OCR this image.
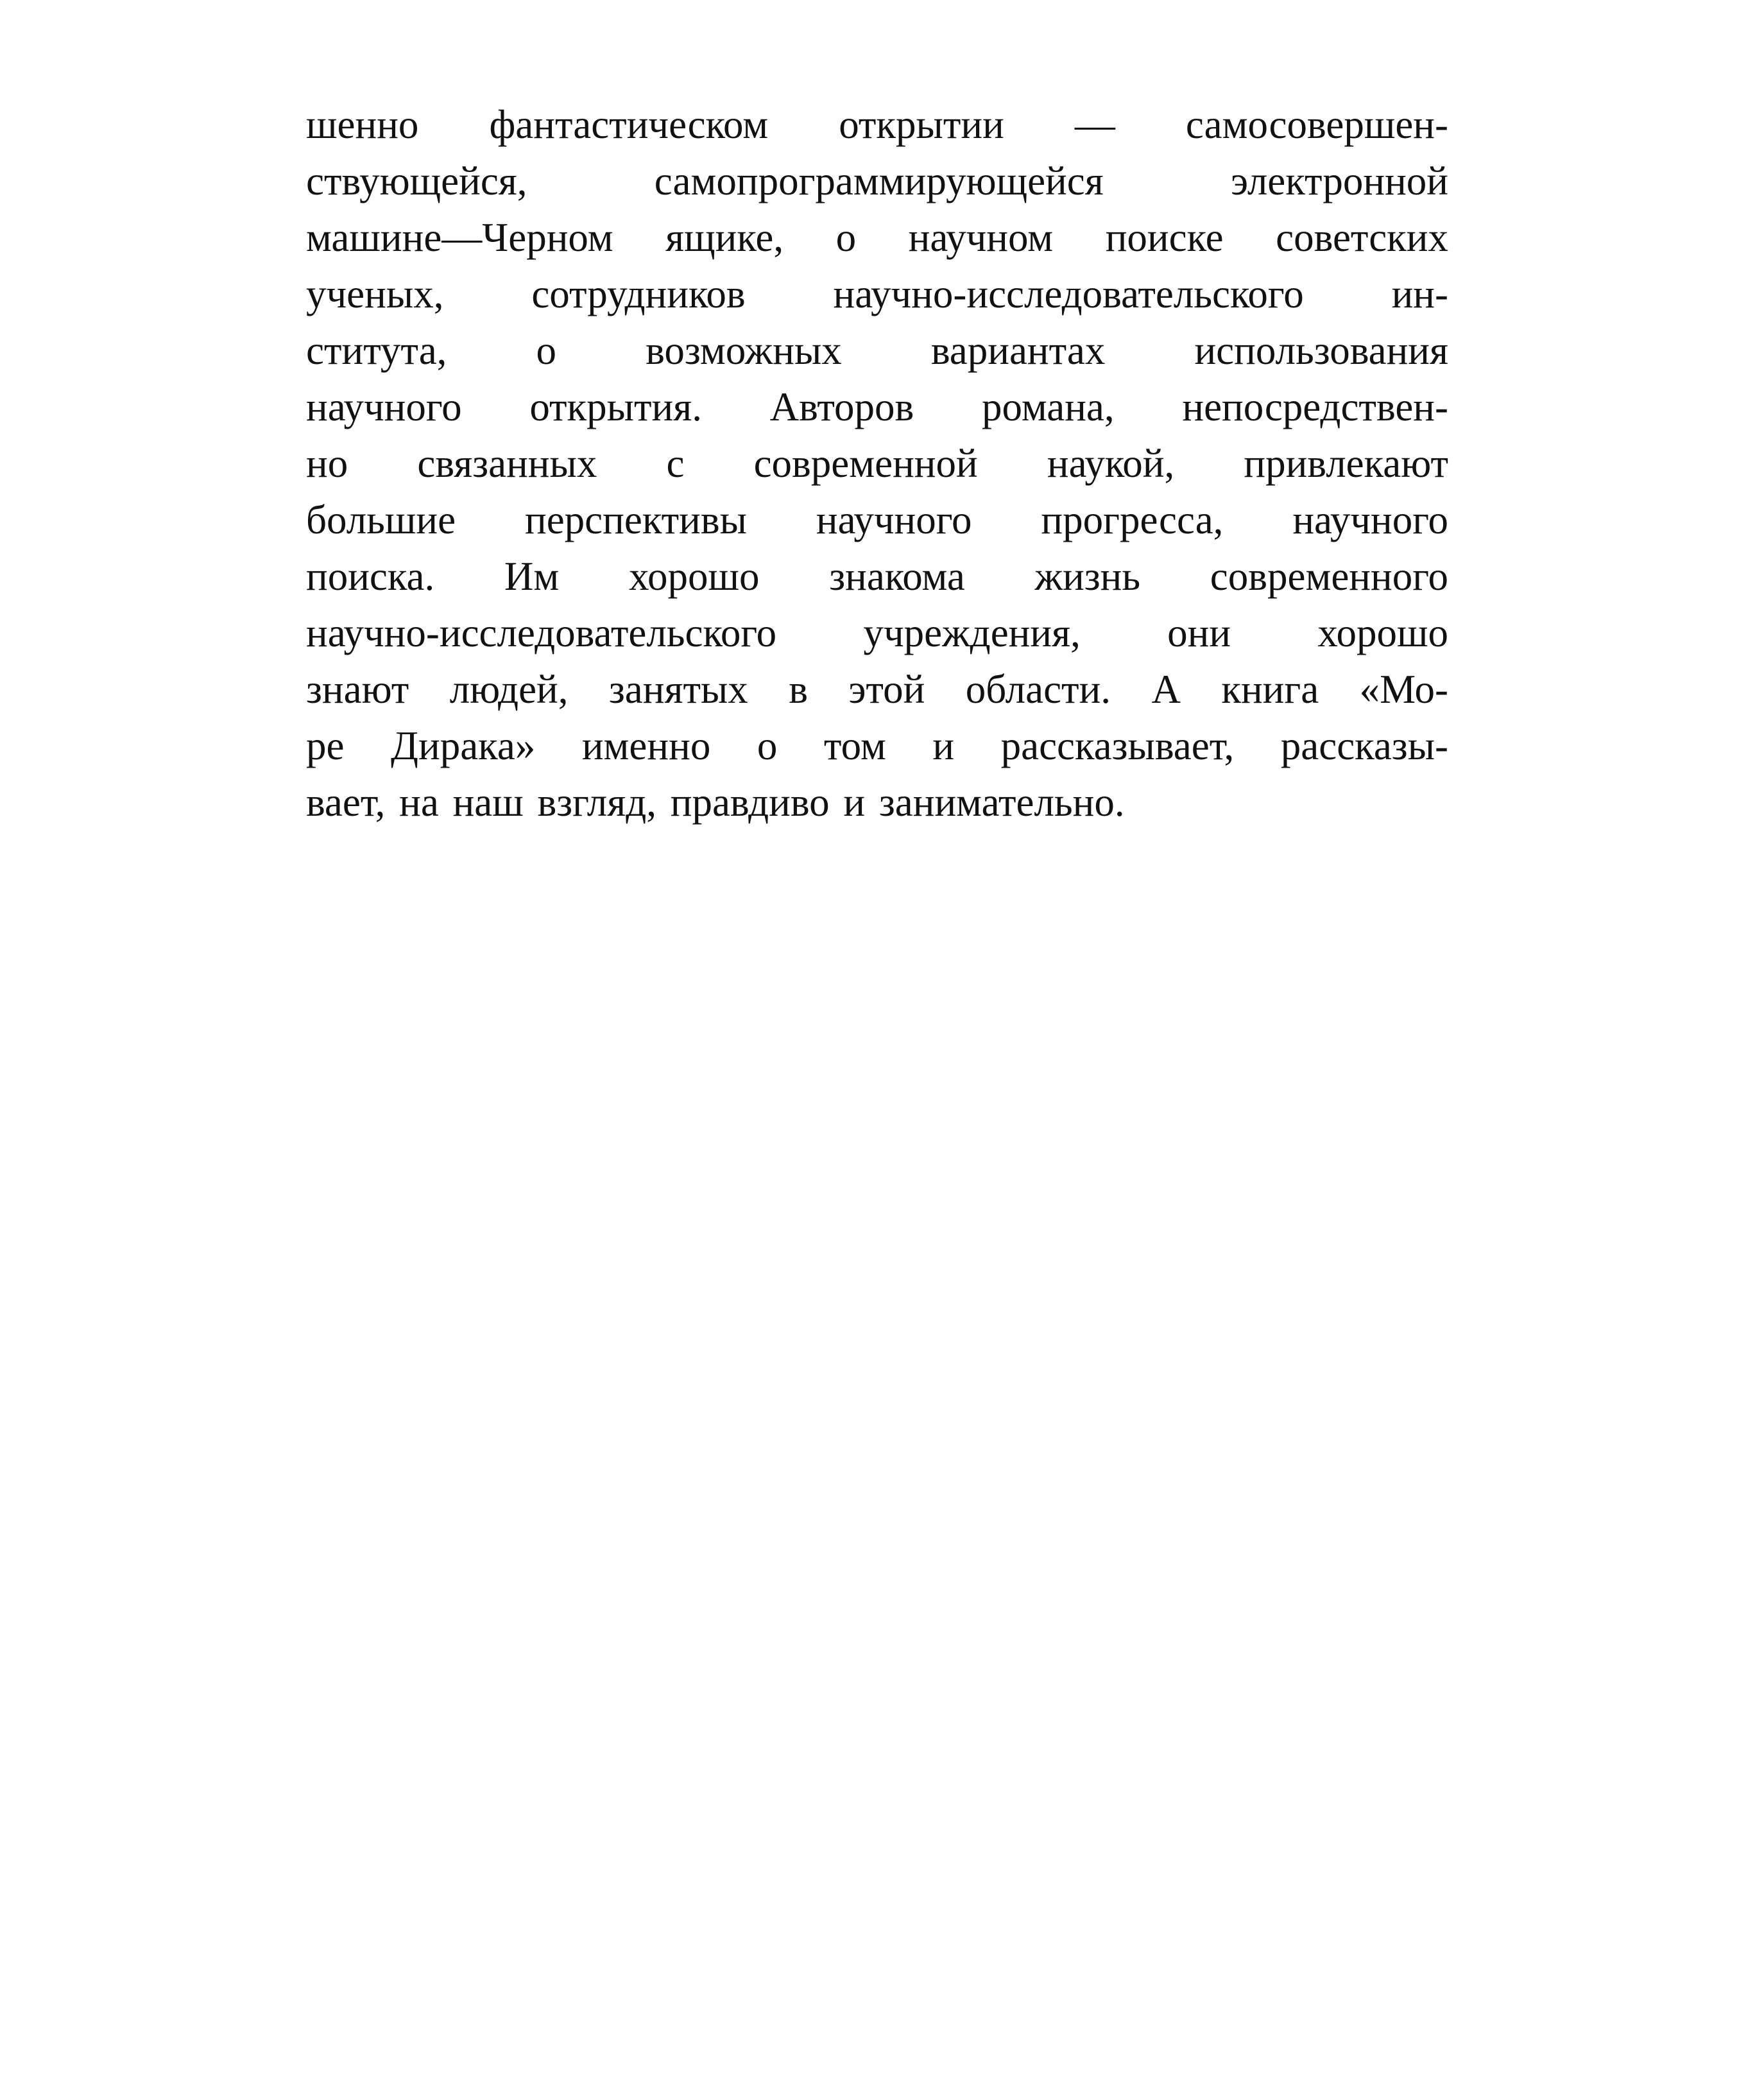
шенно фантастическом открытии — самосовершен-
ствующейся, самопрограммирующейся электронной
машине—Черном ящике, о научном поиске советских
ученых, сотрудников научно-исследовательского ин-
ститута, о возможных вариантах использования
научного открытия. Авторов романа, непосредствен-
но связанных с современной наукой, привлекают
большие перспективы научного прогресса, научного
поиска. Им хорошо знакома жизнь современного
научно-исследовательского учреждения, они хорошо
знают людей, занятых в этой области. А книга «Мо-
ре Дирака» именно о том и рассказывает, рассказы-
вает, на наш взгляд, правдиво и занимательно.
